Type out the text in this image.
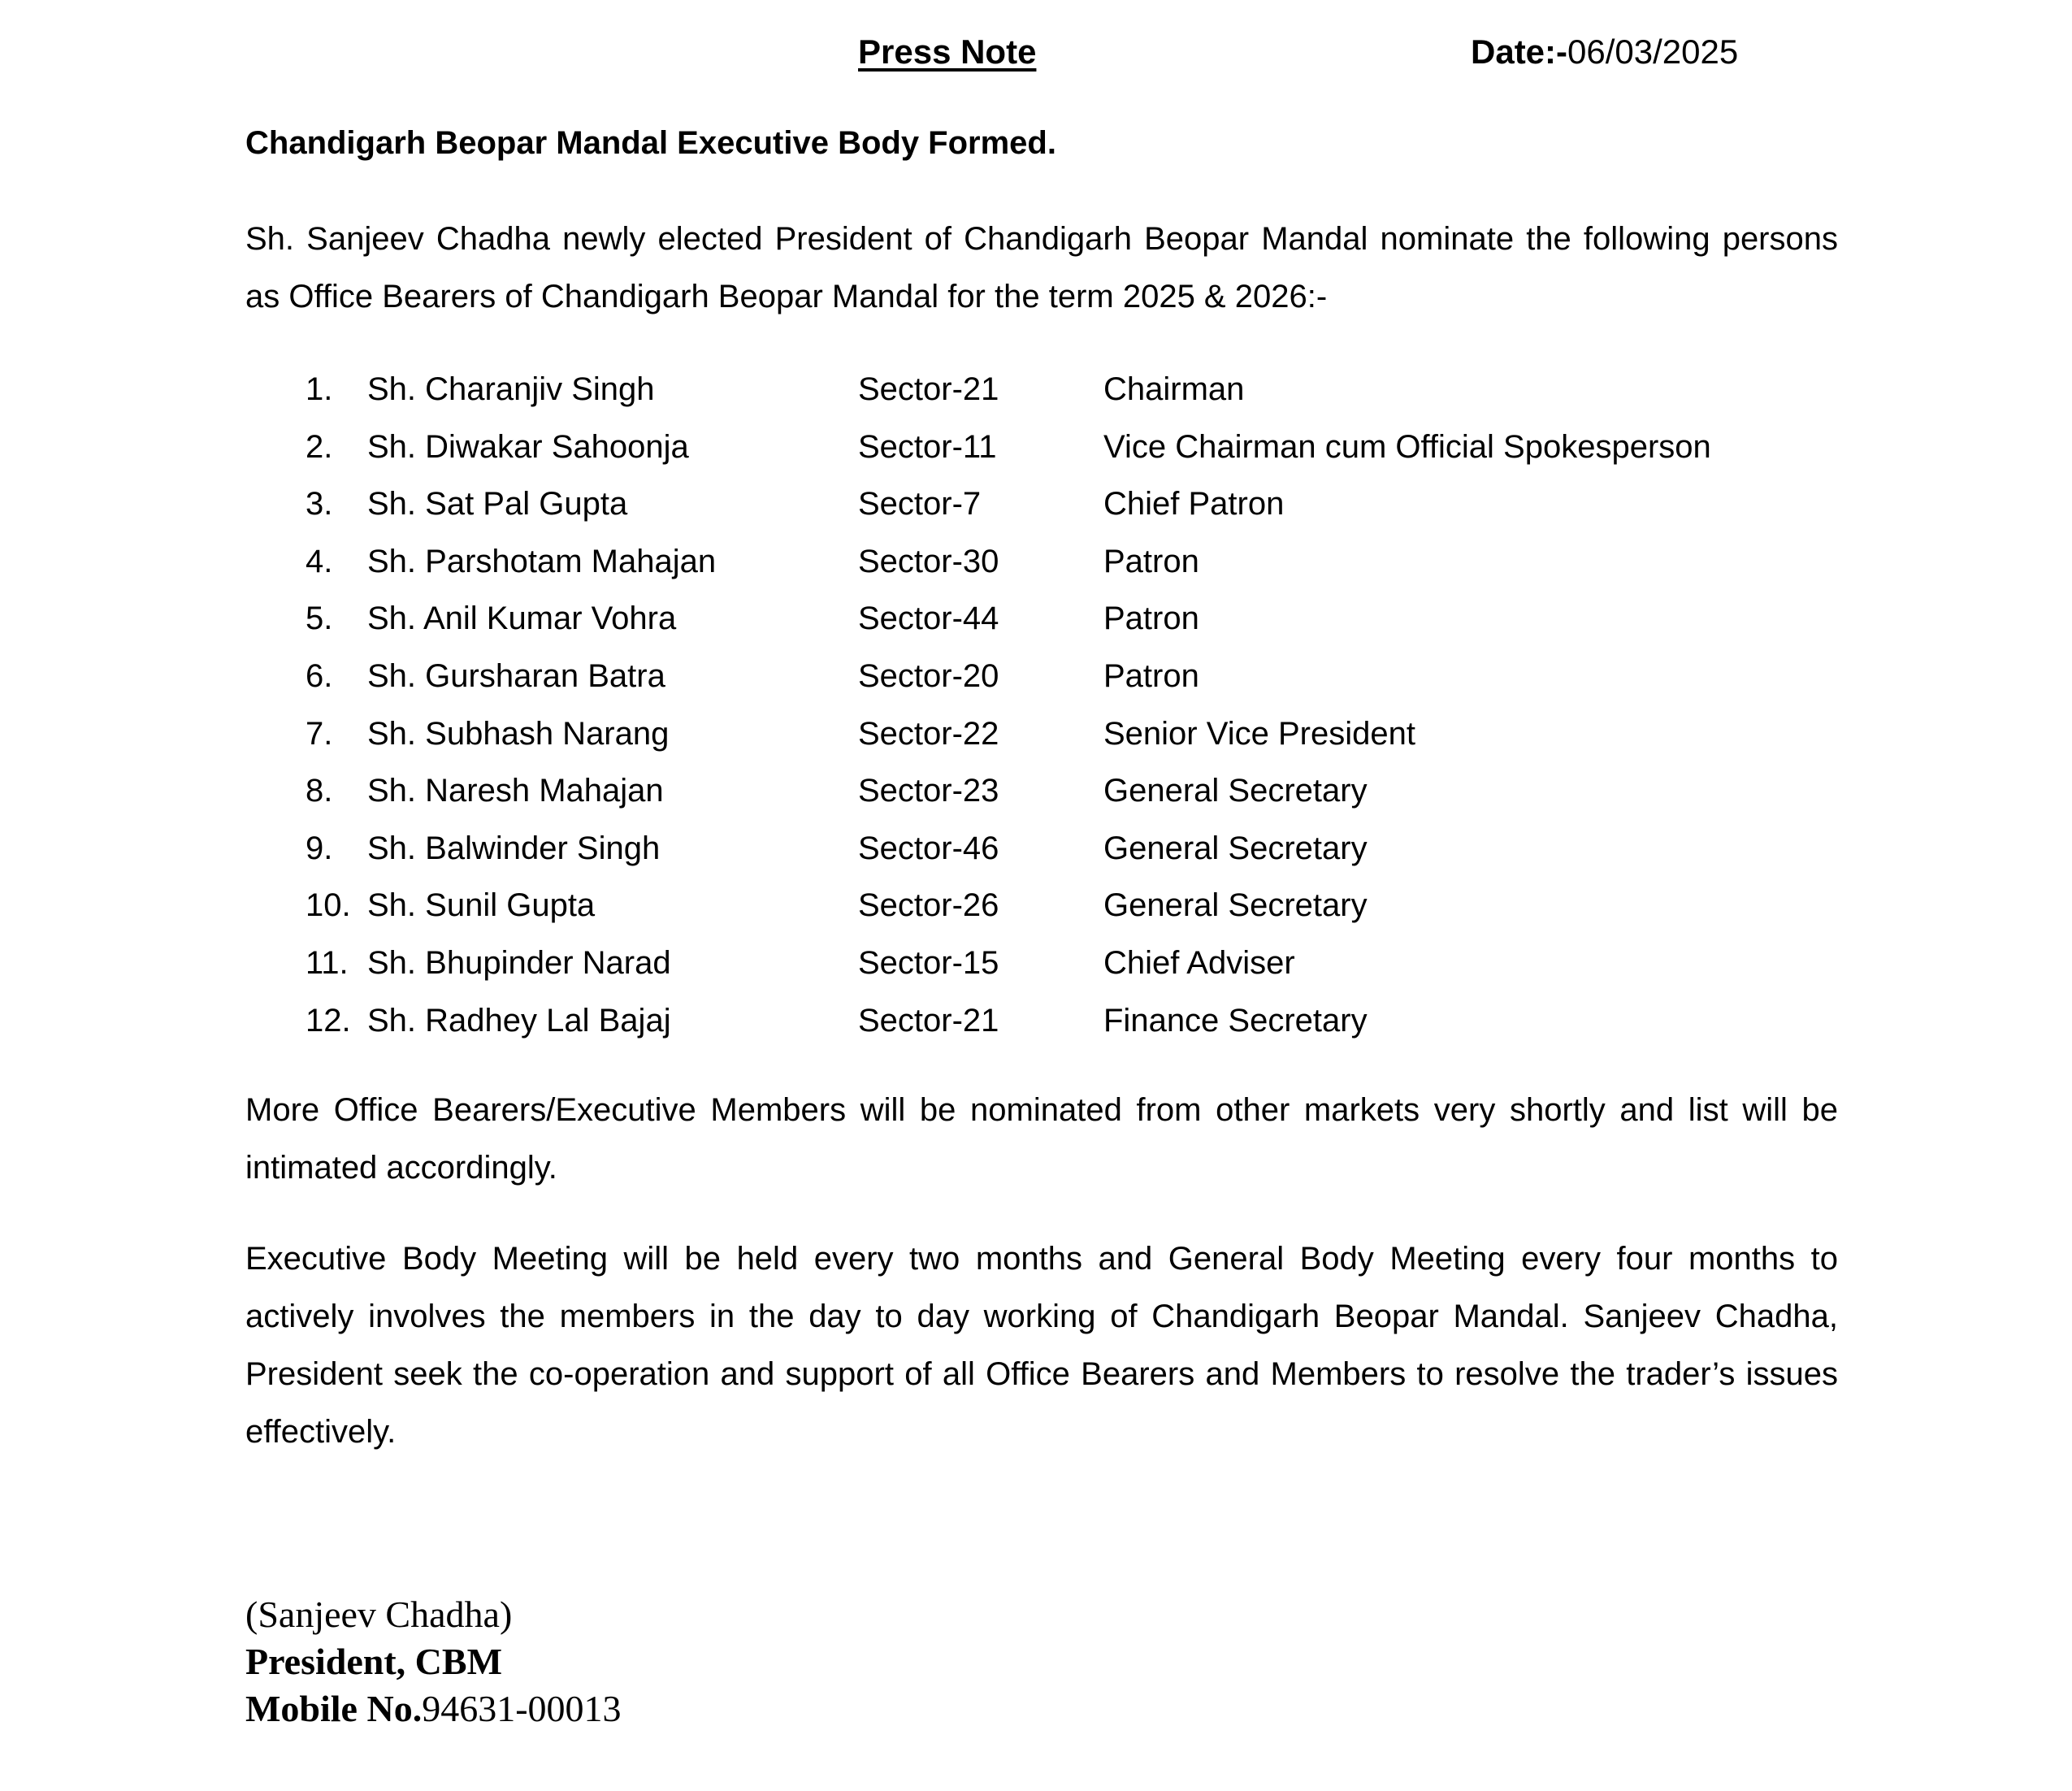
Press Note	Date:-06/03/2025
Chandigarh Beopar Mandal Executive Body Formed.

Sh. Sanjeev Chadha newly elected President of Chandigarh Beopar Mandal nominate the following persons as Office Bearers of Chandigarh Beopar Mandal for the term 2025 & 2026:-

1. Sh. Charanjiv Singh	Sector-21	Chairman
2. Sh. Diwakar Sahoonja	Sector-11	Vice Chairman cum Official Spokesperson
3. Sh. Sat Pal Gupta	Sector-7	Chief Patron
4. Sh. Parshotam Mahajan	Sector-30	Patron
5. Sh. Anil Kumar Vohra	Sector-44	Patron
6. Sh. Gursharan Batra	Sector-20	Patron
7. Sh. Subhash Narang	Sector-22	Senior Vice President
8. Sh. Naresh Mahajan	Sector-23	General Secretary
9. Sh. Balwinder Singh	Sector-46	General Secretary
10. Sh. Sunil Gupta	Sector-26	General Secretary
11. Sh. Bhupinder Narad	Sector-15	Chief Adviser
12. Sh. Radhey Lal Bajaj	Sector-21	Finance Secretary

More Office Bearers/Executive Members will be nominated from other markets very shortly and list will be intimated accordingly.

Executive Body Meeting will be held every two months and General Body Meeting every four months to actively involves the members in the day to day working of Chandigarh Beopar Mandal. Sanjeev Chadha, President seek the co-operation and support of all Office Bearers and Members to resolve the trader’s issues effectively.

(Sanjeev Chadha)
President, CBM
Mobile No.94631-00013
